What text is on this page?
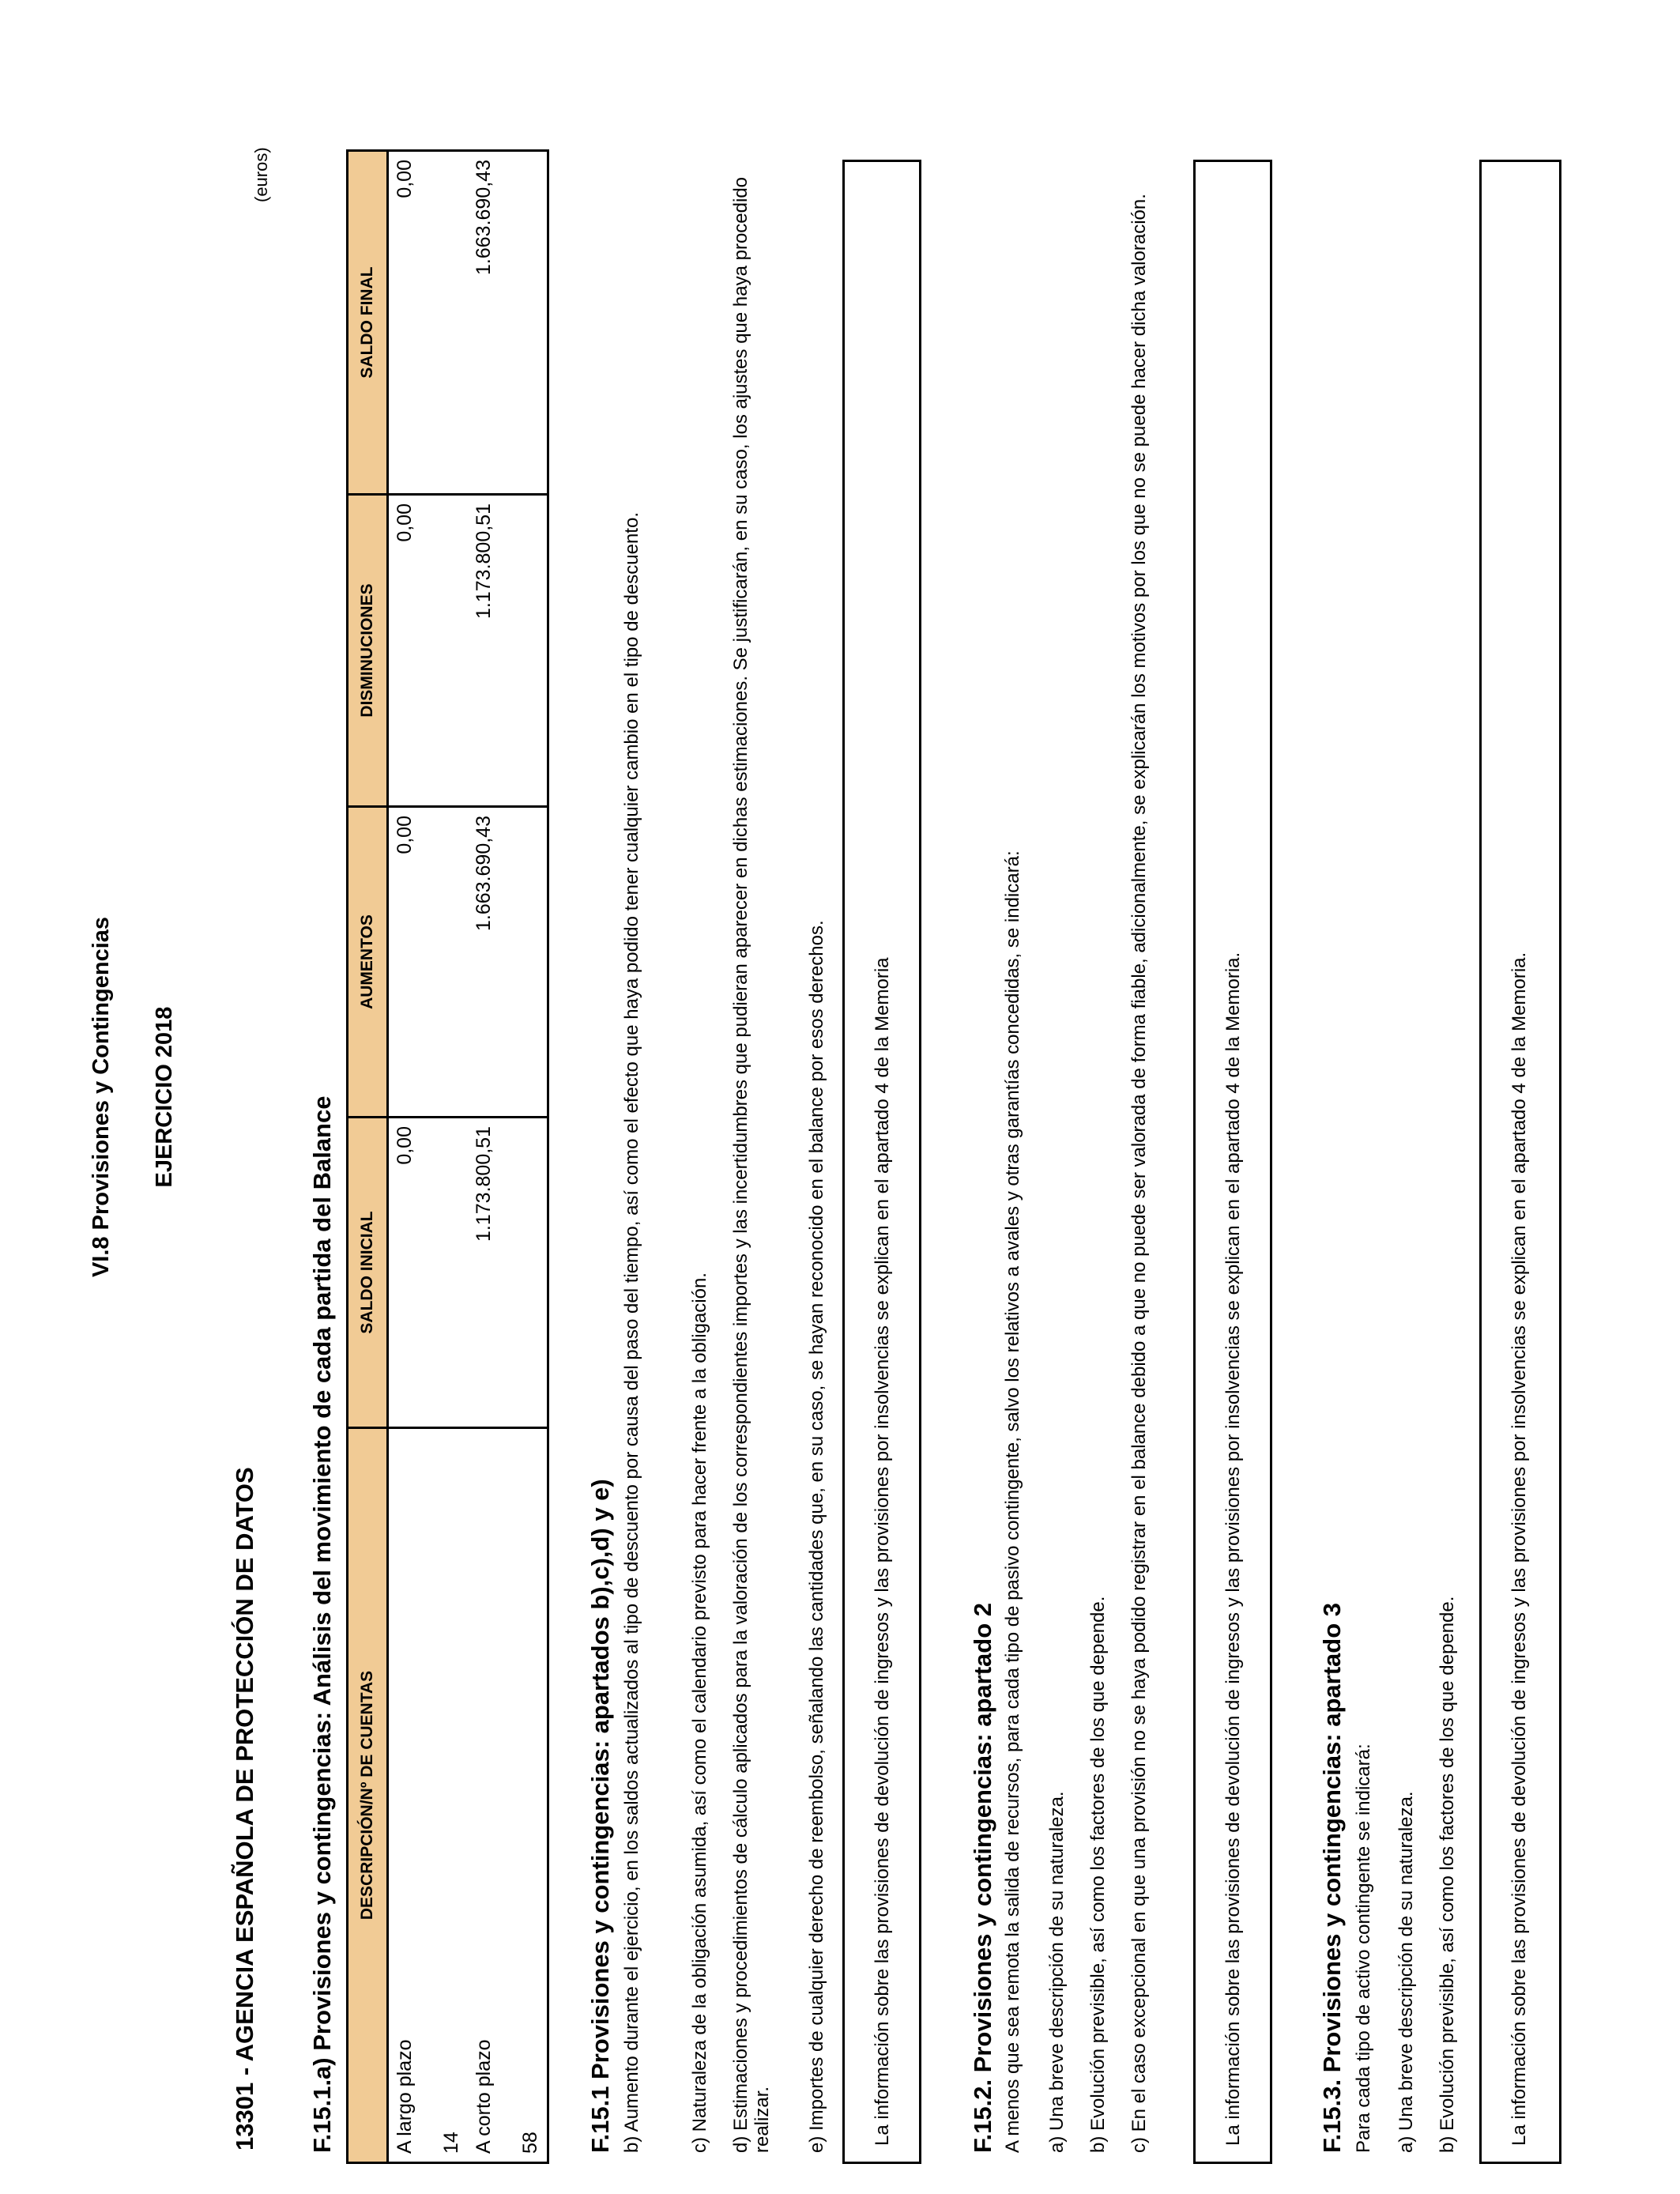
VI.8 Provisiones y Contingencias EJERCICIO 2018
13301 - AGENCIA ESPAÑOLA DE PROTECCIÓN DE DATOS
(euros)
F.15.1.a) Provisiones y contingencias: Análisis del movimiento de cada partida del Balance DESCRIPCIÓN/Nº DE CUENTAS	SALDO INICIAL	AUMENTOS	DISMINUCIONES	SALDO FINAL

A largo plazo 14	0,00	0,00	0,00	0,00

A corto plazo 58	1.173.800,51	1.663.690,43	1.173.800,51	1.663.690,43
F.15.1 Provisiones y contingencias: apartados b),c),d) y e) b) Aumento durante el ejercicio, en los saldos actualizados al tipo de descuento por causa del paso del tiempo, así como el efecto que haya podido tener cualquier cambio en el tipo de descuento. c) Naturaleza de la obligación asumida, así como el calendario previsto para hacer frente a la obligación. d) Estimaciones y procedimientos de cálculo aplicados para la valoración de los correspondientes importes y las incertidumbres que pudieran aparecer en dichas estimaciones. Se justificarán, en su caso, los ajustes que haya procedido realizar. e) Importes de cualquier derecho de reembolso, señalando las cantidades que, en su caso, se hayan reconocido en el balance por esos derechos.	La información sobre las provisiones de devolución de ingresos y las provisiones por insolvencias se explican en el apartado 4 de la Memoria	F.15.2. Provisiones y contingencias: apartado 2 A menos que sea remota la salida de recursos, para cada tipo de pasivo contingente, salvo los relativos a avales y otras garantías concedidas, se indicará: a) Una breve descripción de su naturaleza. b) Evolución previsible, así como los factores de los que depende. c) En el caso excepcional en que una provisión no se haya podido registrar en el balance debido a que no puede ser valorada de forma fiable, adicionalmente, se explicarán los motivos por los que no se puede hacer dicha valoración.	La información sobre las provisiones de devolución de ingresos y las provisiones por insolvencias se explican en el apartado 4 de la Memoria.	F.15.3. Provisiones y contingencias: apartado 3 Para cada tipo de activo contingente se indicará: a) Una breve descripción de su naturaleza. b) Evolución previsible, así como los factores de los que depende.	La información sobre las provisiones de devolución de ingresos y las provisiones por insolvencias se explican en el apartado 4 de la Memoria.
